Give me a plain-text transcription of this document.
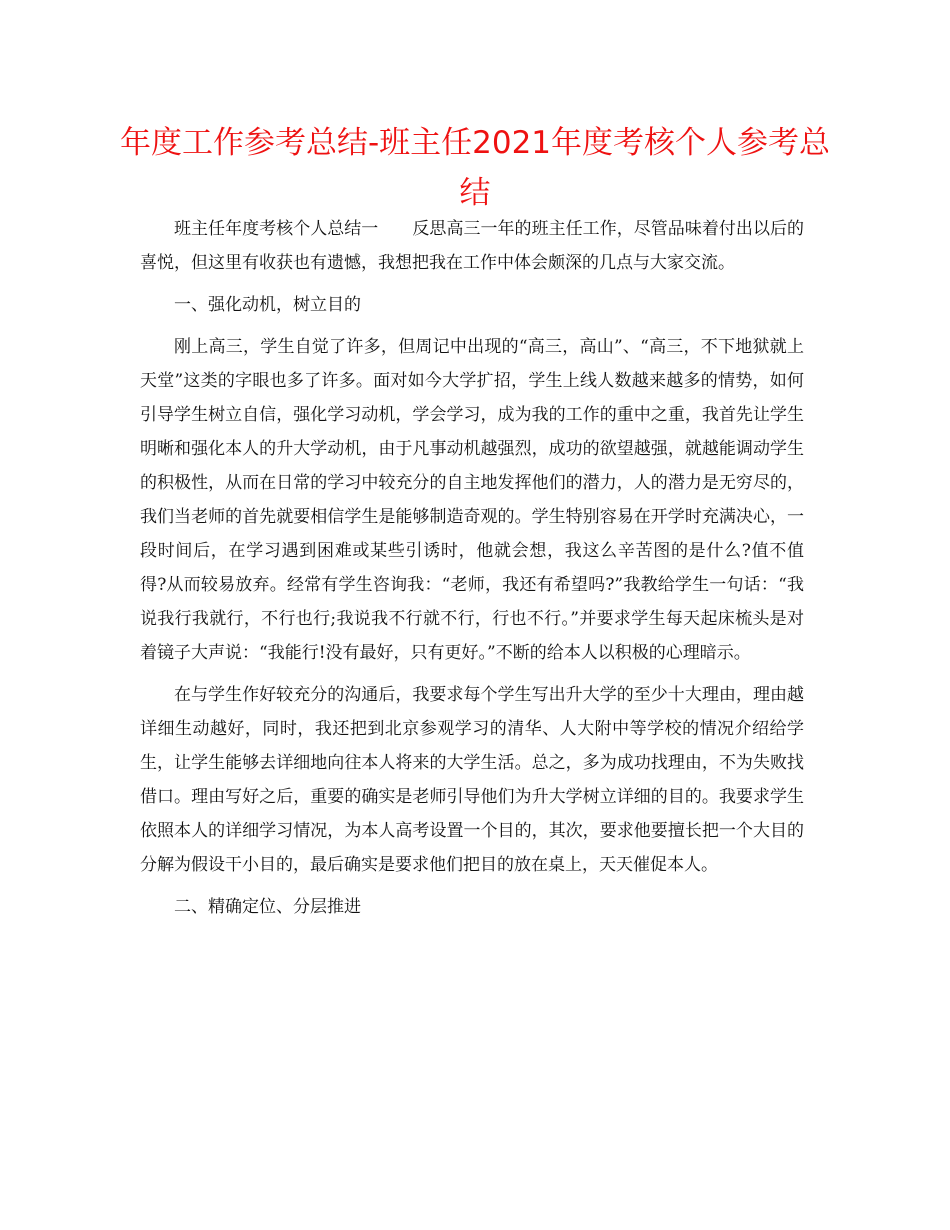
年度工作参考总结-班主任2021年度考核个人参考总结

班主任年度考核个人总结一　　反思高三一年的班主任工作，尽管品味着付出以后的喜悦，但这里有收获也有遗憾，我想把我在工作中体会颇深的几点与大家交流。

一、强化动机，树立目的

刚上高三，学生自觉了许多，但周记中出现的“高三，高山”、“高三，不下地狱就上天堂”这类的字眼也多了许多。面对如今大学扩招，学生上线人数越来越多的情势，如何引导学生树立自信，强化学习动机，学会学习，成为我的工作的重中之重，我首先让学生明晰和强化本人的升大学动机，由于凡事动机越强烈，成功的欲望越强，就越能调动学生的积极性，从而在日常的学习中较充分的自主地发挥他们的潜力，人的潜力是无穷尽的，我们当老师的首先就要相信学生是能够制造奇观的。学生特别容易在开学时充满决心，一段时间后，在学习遇到困难或某些引诱时，他就会想，我这么辛苦图的是什么?值不值得?从而较易放弃。经常有学生咨询我：“老师，我还有希望吗?”我教给学生一句话：“我说我行我就行，不行也行;我说我不行就不行，行也不行。”并要求学生每天起床梳头是对着镜子大声说：“我能行!没有最好，只有更好。”不断的给本人以积极的心理暗示。

在与学生作好较充分的沟通后，我要求每个学生写出升大学的至少十大理由，理由越详细生动越好，同时，我还把到北京参观学习的清华、人大附中等学校的情况介绍给学生，让学生能够去详细地向往本人将来的大学生活。总之，多为成功找理由，不为失败找借口。理由写好之后，重要的确实是老师引导他们为升大学树立详细的目的。我要求学生依照本人的详细学习情况，为本人高考设置一个目的，其次，要求他要擅长把一个大目的分解为假设干小目的，最后确实是要求他们把目的放在桌上，天天催促本人。

二、精确定位、分层推进
